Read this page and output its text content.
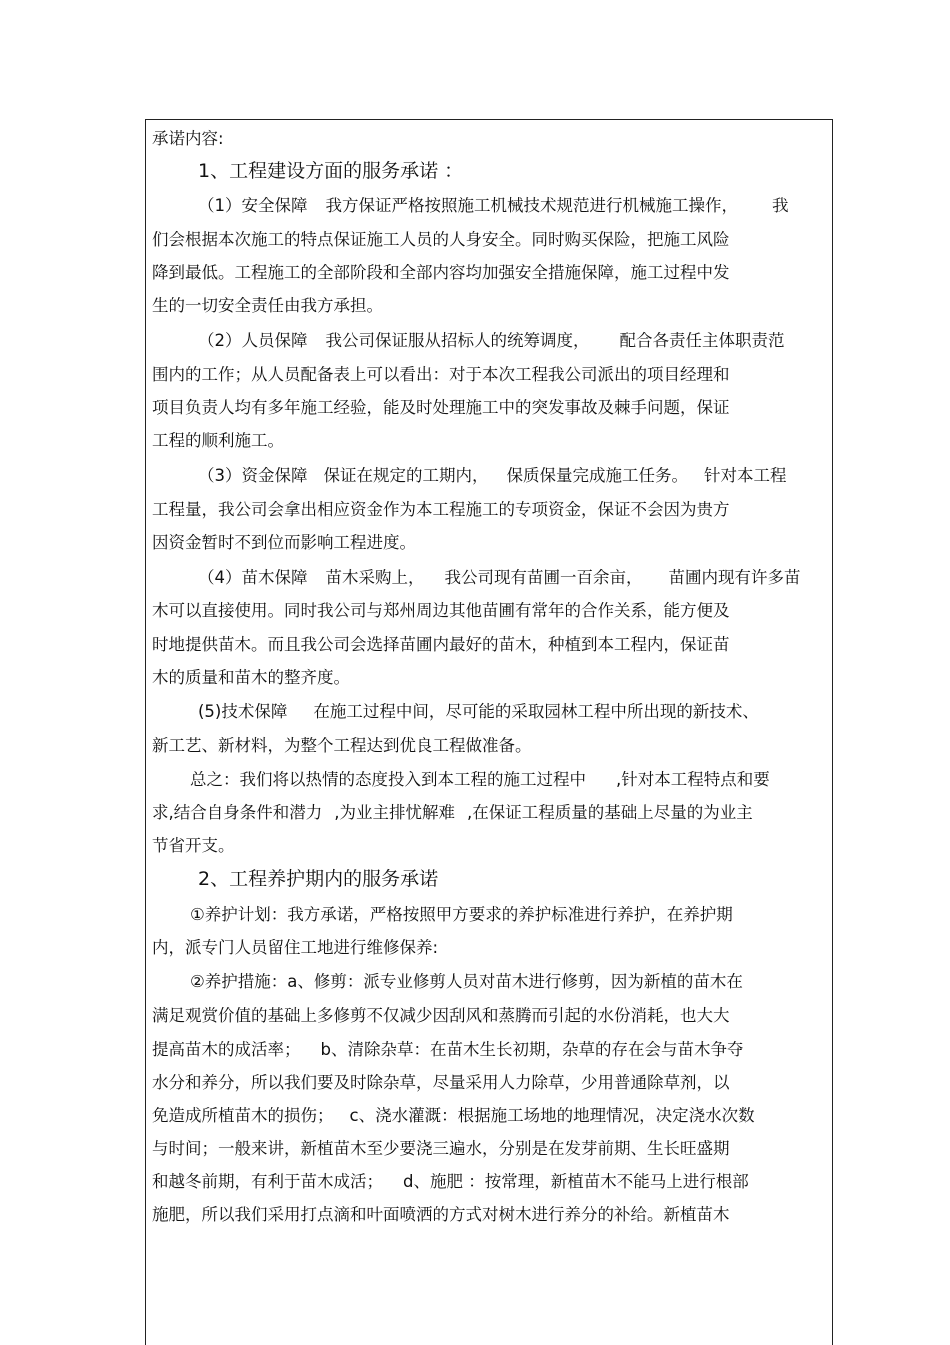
承诺内容:
1、工程建设方面的服务承诺 ：
（1）安全保障 我方保证严格按照施工机械技术规范进行机械施工操作， 我
们会根据本次施工的特点保证施工人员的人身安全。同时购买保险，把施工风险
降到最低。工程施工的全部阶段和全部内容均加强安全措施保障，施工过程中发
生的一切安全责任由我方承担。
（2）人员保障 我公司保证服从招标人的统筹调度， 配合各责任主体职责范
围内的工作；从人员配备表上可以看出：对于本次工程我公司派出的项目经理和
项目负责人均有多年施工经验，能及时处理施工中的突发事故及棘手问题，保证
工程的顺利施工。
（3）资金保障 保证在规定的工期内， 保质保量完成施工任务。 针对本工程
工程量，我公司会拿出相应资金作为本工程施工的专项资金，保证不会因为贵方
因资金暂时不到位而影响工程进度。
（4）苗木保障 苗木采购上， 我公司现有苗圃一百余亩， 苗圃内现有许多苗
木可以直接使用。同时我公司与郑州周边其他苗圃有常年的合作关系，能方便及
时地提供苗木。而且我公司会选择苗圃内最好的苗木，种植到本工程内，保证苗
木的质量和苗木的整齐度。
(5)技术保障 在施工过程中间，尽可能的采取园林工程中所出现的新技术、
新工艺、新材料，为整个工程达到优良工程做准备。
总之：我们将以热情的态度投入到本工程的施工过程中 ,针对本工程特点和要
求,结合自身条件和潜力 ,为业主排忧解难 ,在保证工程质量的基础上尽量的为业主
节省开支。
2、工程养护期内的服务承诺
①养护计划：我方承诺，严格按照甲方要求的养护标准进行养护，在养护期
内，派专门人员留住工地进行维修保养:
②养护措施：a、修剪：派专业修剪人员对苗木进行修剪，因为新植的苗木在
满足观赏价值的基础上多修剪不仅减少因刮风和蒸腾而引起的水份消耗，也大大
提高苗木的成活率； b、清除杂草：在苗木生长初期，杂草的存在会与苗木争夺
水分和养分，所以我们要及时除杂草，尽量采用人力除草，少用普通除草剂，以
免造成所植苗木的损伤； c、浇水灌溉：根据施工场地的地理情况，决定浇水次数
与时间；一般来讲，新植苗木至少要浇三遍水，分别是在发芽前期、生长旺盛期
和越冬前期，有利于苗木成活； d、施肥 ：按常理，新植苗木不能马上进行根部
施肥，所以我们采用打点滴和叶面喷洒的方式对树木进行养分的补给。新植苗木
